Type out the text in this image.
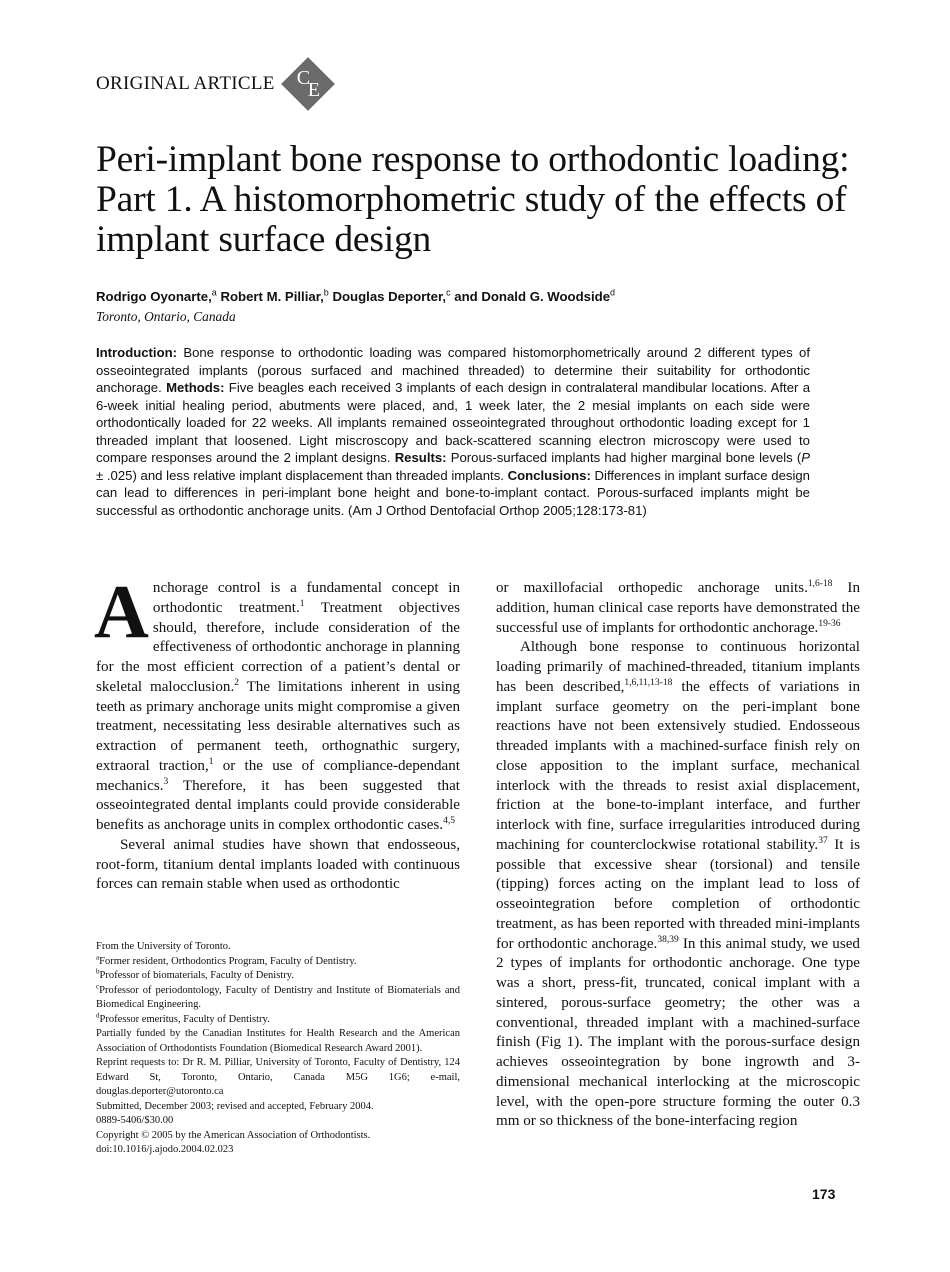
ORIGINAL ARTICLE C
E
Peri-implant bone response to orthodontic loading: Part 1. A histomorphometric study of the effects of implant surface design
Rodrigo Oyonarte,$^a$ Robert M. Pilliar,$^b$ Douglas Deporter,$^c$ and Donald G. Woodside$^d$
Toronto, Ontario, Canada
Introduction: Bone response to orthodontic loading was compared histomorphometrically around 2 different types of osseointegrated implants (porous surfaced and machined threaded) to determine their suitability for orthodontic anchorage. Methods: Five beagles each received 3 implants of each design in contralateral mandibular locations. After a 6-week initial healing period, abutments were placed, and, 1 week later, the 2 mesial implants on each side were orthodontically loaded for 22 weeks. All implants remained osseointegrated throughout orthodontic loading except for 1 threaded implant that loosened. Light miscroscopy and back-scattered scanning electron microscopy were used to compare responses around the 2 implant designs. Results: Porous-surfaced implants had higher marginal bone levels (P ± .025) and less relative implant displacement than threaded implants. Conclusions: Differences in implant surface design can lead to differences in peri-implant bone height and bone-to-implant contact. Porous-surfaced implants might be successful as orthodontic anchorage units. (Am J Orthod Dentofacial Orthop 2005;128:173-81)

Anchorage control is a fundamental concept in orthodontic treatment.$^1$ Treatment objectives should, therefore, include consideration of the effectiveness of orthodontic anchorage in planning for the most efficient correction of a patient’s dental or skeletal malocclusion.$^2$ The limitations inherent in using teeth as primary anchorage units might compromise a given treatment, necessitating less desirable alternatives such as extraction of permanent teeth, orthognathic surgery, extraoral traction,$^1$ or the use of compliance-dependant mechanics.$^3$ Therefore, it has been suggested that osseointegrated dental implants could provide considerable benefits as anchorage units in complex orthodontic cases.$^{4,5}$

Several animal studies have shown that endosseous, root-form, titanium dental implants loaded with continuous forces can remain stable when used as orthodontic

or maxillofacial orthopedic anchorage units.$^{1,6-18}$ In addition, human clinical case reports have demonstrated the successful use of implants for orthodontic anchorage.$^{19-36}$

Although bone response to continuous horizontal loading primarily of machined-threaded, titanium implants has been described,$^{1,6,11,13-18}$ the effects of variations in implant surface geometry on the peri-implant bone reactions have not been extensively studied. Endosseous threaded implants with a machined-surface finish rely on close apposition to the implant surface, mechanical interlock with the threads to resist axial displacement, friction at the bone-to-implant interface, and further interlock with fine, surface irregularities introduced during machining for counterclockwise rotational stability.$^{37}$ It is possible that excessive shear (torsional) and tensile (tipping) forces acting on the implant lead to loss of osseointegration before completion of orthodontic treatment, as has been reported with threaded mini-implants for orthodontic anchorage.$^{38,39}$ In this animal study, we used 2 types of implants for orthodontic anchorage. One type was a short, press-fit, truncated, conical implant with a sintered, porous-surface geometry; the other was a conventional, threaded implant with a machined-surface finish (Fig 1). The implant with the porous-surface design achieves osseointegration by bone ingrowth and 3-dimensional mechanical interlocking at the microscopic level, with the open-pore structure forming the outer 0.3 mm or so thickness of the bone-interfacing region

From the University of Toronto.

$^a$Former resident, Orthodontics Program, Faculty of Dentistry.

$^b$Professor of biomaterials, Faculty of Denistry.

$^c$Professor of periodontology, Faculty of Dentistry and Institute of Biomaterials and Biomedical Engineering.

$^d$Professor emeritus, Faculty of Dentistry.

Partially funded by the Canadian Institutes for Health Research and the American Association of Orthodontists Foundation (Biomedical Research Award 2001).

Reprint requests to: Dr R. M. Pilliar, University of Toronto, Faculty of Dentistry, 124 Edward St, Toronto, Ontario, Canada M5G 1G6; e-mail, douglas.deporter@utoronto.ca

Submitted, December 2003; revised and accepted, February 2004.

0889-5406/$30.00

Copyright © 2005 by the American Association of Orthodontists.

doi:10.1016/j.ajodo.2004.02.023

173
